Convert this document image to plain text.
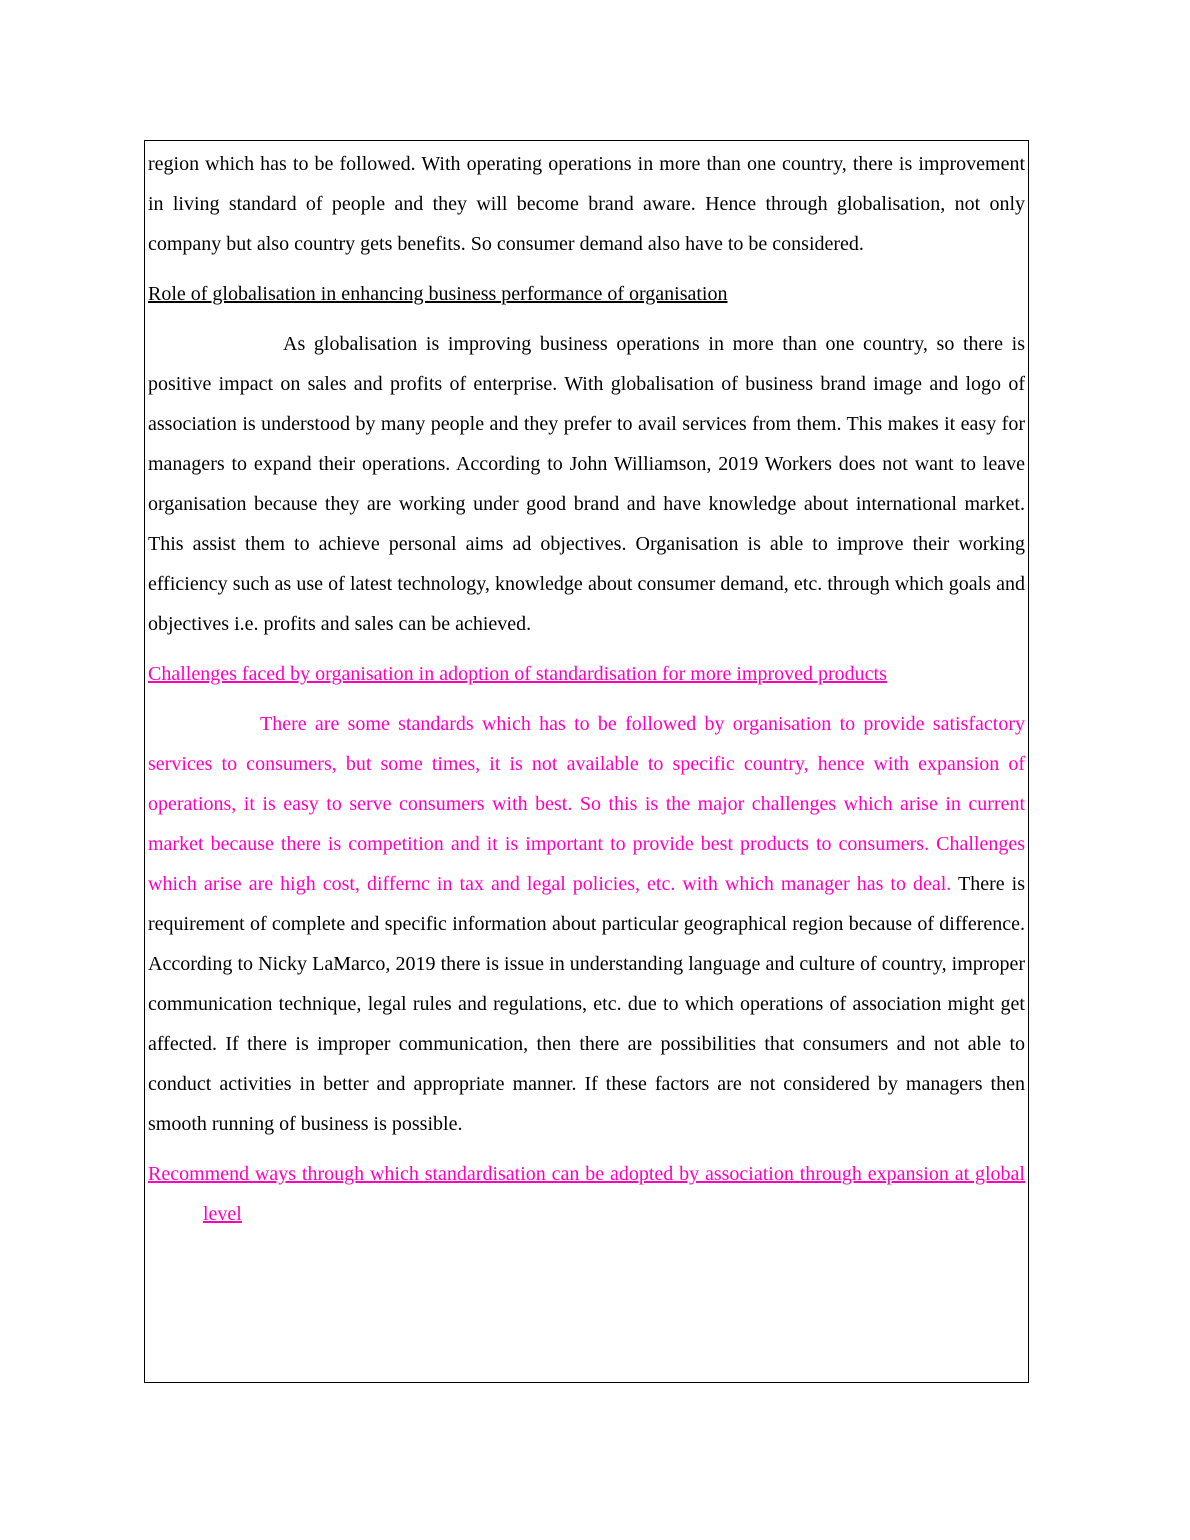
region which has to be followed. With operating operations in more than one country, there is improvement in living standard of people and they will become brand aware. Hence through globalisation, not only company but also country gets benefits. So consumer demand also have to be considered.

Role of globalisation in enhancing business performance of organisation

As globalisation is improving business operations in more than one country, so there is positive impact on sales and profits of enterprise. With globalisation of business brand image and logo of association is understood by many people and they prefer to avail services from them. This makes it easy for managers to expand their operations. According to John Williamson, 2019 Workers does not want to leave organisation because they are working under good brand and have knowledge about international market. This assist them to achieve personal aims ad objectives. Organisation is able to improve their working efficiency such as use of latest technology, knowledge about consumer demand, etc. through which goals and objectives i.e. profits and sales can be achieved.

Challenges faced by organisation in adoption of standardisation for more improved products

There are some standards which has to be followed by organisation to provide satisfactory services to consumers, but some times, it is not available to specific country, hence with expansion of operations, it is easy to serve consumers with best. So this is the major challenges which arise in current market because there is competition and it is important to provide best products to consumers. Challenges which arise are high cost, differnc in tax and legal policies, etc. with which manager has to deal. There is requirement of complete and specific information about particular geographical region because of difference. According to Nicky LaMarco, 2019 there is issue in understanding language and culture of country, improper communication technique, legal rules and regulations, etc. due to which operations of association might get affected. If there is improper communication, then there are possibilities that consumers and not able to conduct activities in better and appropriate manner. If these factors are not considered by managers then smooth running of business is possible.

Recommend ways through which standardisation can be adopted by association through expansion at global level
